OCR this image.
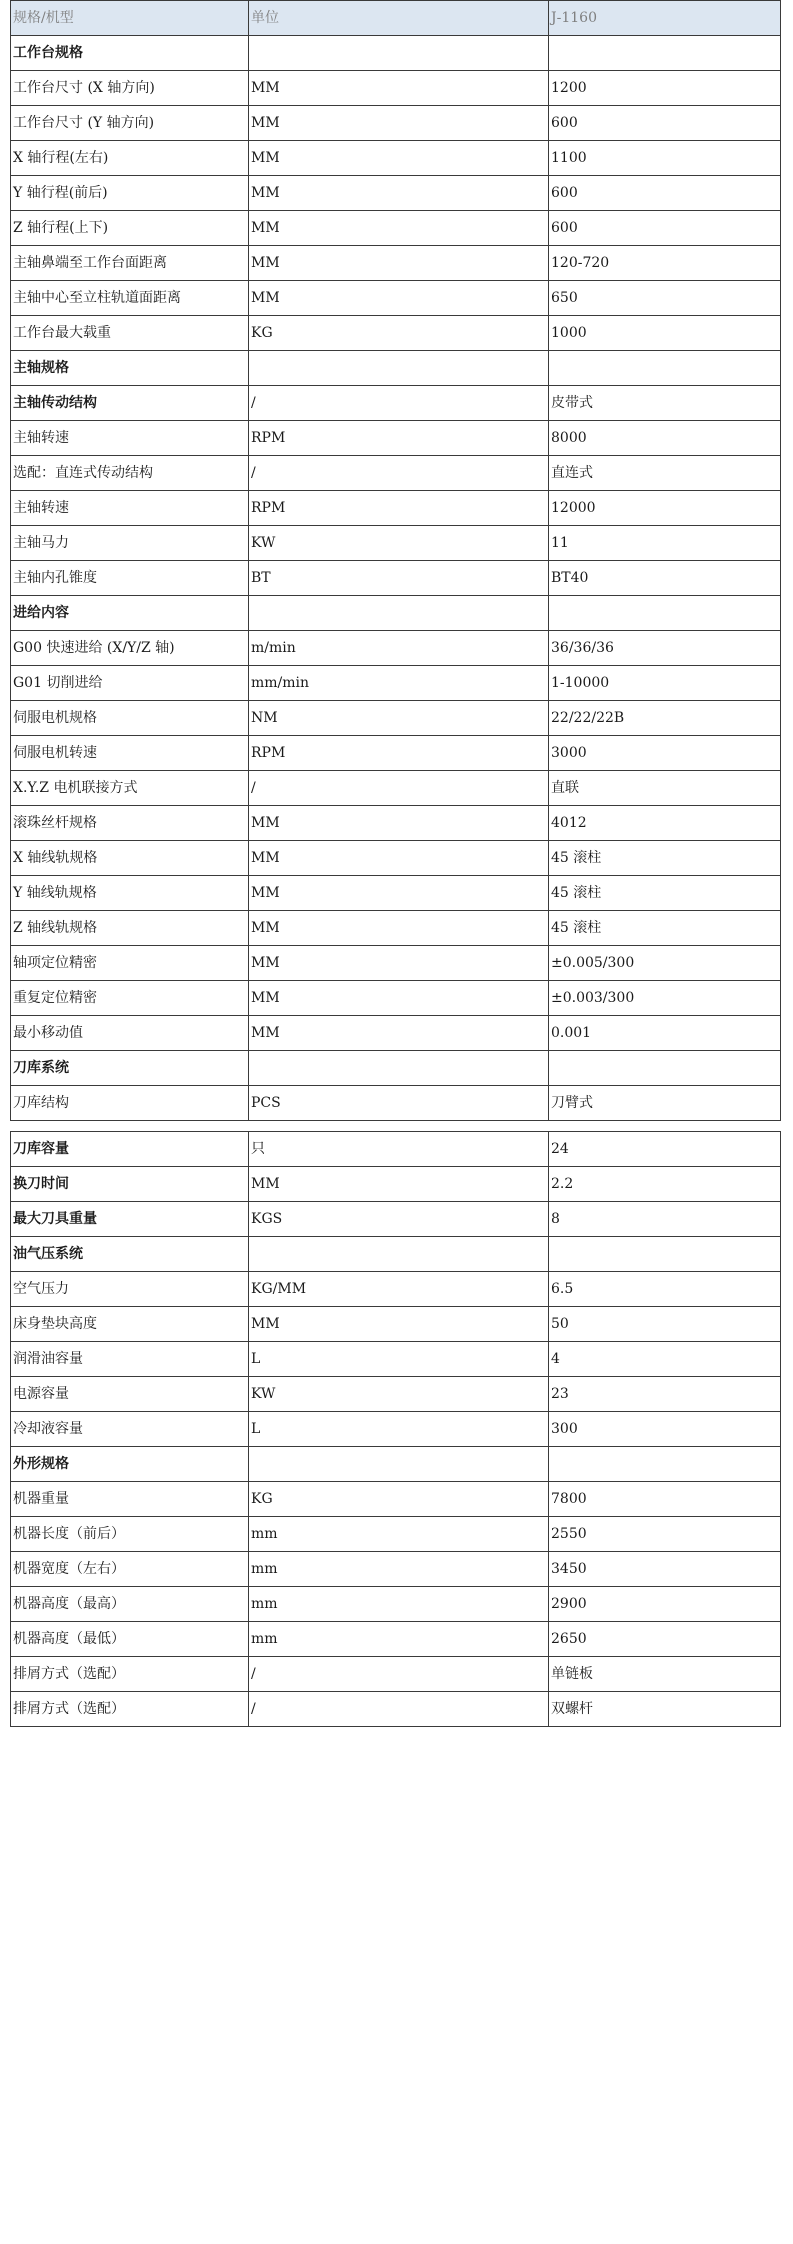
规格/机型	单位	J-1160
工作台规格		
工作台尺寸 (X 轴方向)	MM	1200
工作台尺寸 (Y 轴方向)	MM	600
X 轴行程(左右)	MM	1100
Y 轴行程(前后)	MM	600
Z 轴行程(上下)	MM	600
主轴鼻端至工作台面距离	MM	120-720
主轴中心至立柱轨道面距离	MM	650
工作台最大载重	KG	1000
主轴规格		
主轴传动结构	/	皮带式
主轴转速	RPM	8000
选配：直连式传动结构	/	直连式
主轴转速	RPM	12000
主轴马力	KW	11
主轴内孔锥度	BT	BT40
进给内容		
G00 快速进给 (X/Y/Z 轴)	m/min	36/36/36
G01 切削进给	mm/min	1-10000
伺服电机规格	NM	22/22/22B
伺服电机转速	RPM	3000
X.Y.Z 电机联接方式	/	直联
滚珠丝杆规格	MM	4012
X 轴线轨规格	MM	45 滚柱
Y 轴线轨规格	MM	45 滚柱
Z 轴线轨规格	MM	45 滚柱
轴项定位精密	MM	±0.005/300
重复定位精密	MM	±0.003/300
最小移动值	MM	0.001
刀库系统		
刀库结构	PCS	刀臂式
刀库容量	只	24
换刀时间	MM	2.2
最大刀具重量	KGS	8
油气压系统		
空气压力	KG/MM	6.5
床身垫块高度	MM	50
润滑油容量	L	4
电源容量	KW	23
冷却液容量	L	300
外形规格		
机器重量	KG	7800
机器长度（前后）	mm	2550
机器宽度（左右）	mm	3450
机器高度（最高）	mm	2900
机器高度（最低）	mm	2650
排屑方式（选配）	/	单链板
排屑方式（选配）	/	双螺杆
